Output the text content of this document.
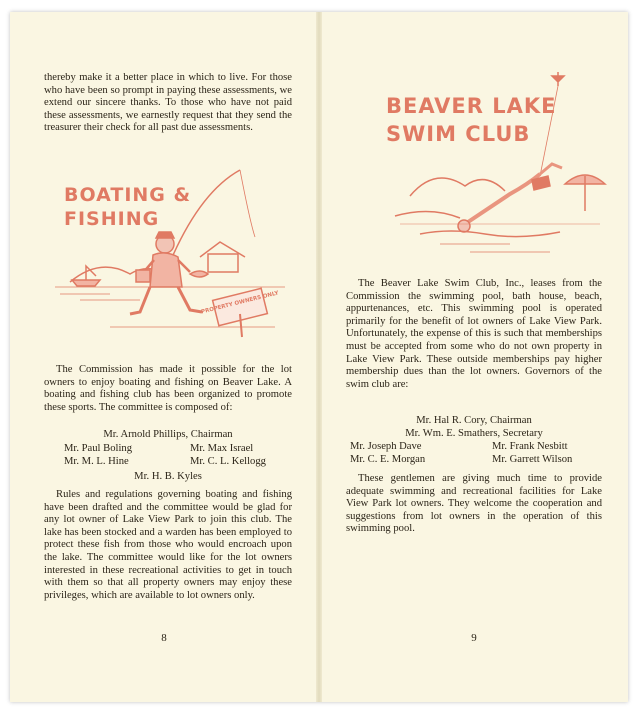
thereby make it a better place in which to live. For those who have been so prompt in paying these assessments, we extend our sincere thanks. To those who have not paid these assessments, we earnestly request that they send the treasurer their check for all past due assessments.

BOATING &
FISHING
PROPERTY OWNERS ONLY

The Commission has made it possible for the lot owners to enjoy boating and fishing on Beaver Lake. A boating and fishing club has been organized to promote these sports. The committee is composed of:

Mr. Arnold Phillips, Chairman
Mr. Paul Boling	Mr. Max Israel
Mr. M. L. Hine	Mr. C. L. Kellogg
Mr. H. B. Kyles

Rules and regulations governing boating and fishing have been drafted and the committee would be glad for any lot owner of Lake View Park to join this club. The lake has been stocked and a warden has been employed to protect these fish from those who would encroach upon the lake. The committee would like for the lot owners interested in these recreational activities to get in touch with them so that all property owners may enjoy these privileges, which are available to lot owners only.

8
BEAVER LAKE
SWIM CLUB

The Beaver Lake Swim Club, Inc., leases from the Commission the swimming pool, bath house, beach, appurtenances, etc. This swimming pool is operated primarily for the benefit of lot owners of Lake View Park. Unfortunately, the expense of this is such that memberships must be accepted from some who do not own property in Lake View Park. These outside memberships pay higher membership dues than the lot owners. Governors of the swim club are:

Mr. Hal R. Cory, Chairman
Mr. Wm. E. Smathers, Secretary
Mr. Joseph Dave	Mr. Frank Nesbitt
Mr. C. E. Morgan	Mr. Garrett Wilson

These gentlemen are giving much time to provide adequate swimming and recreational facilities for Lake View Park lot owners. They welcome the cooperation and suggestions from lot owners in the operation of this swimming pool.

9
